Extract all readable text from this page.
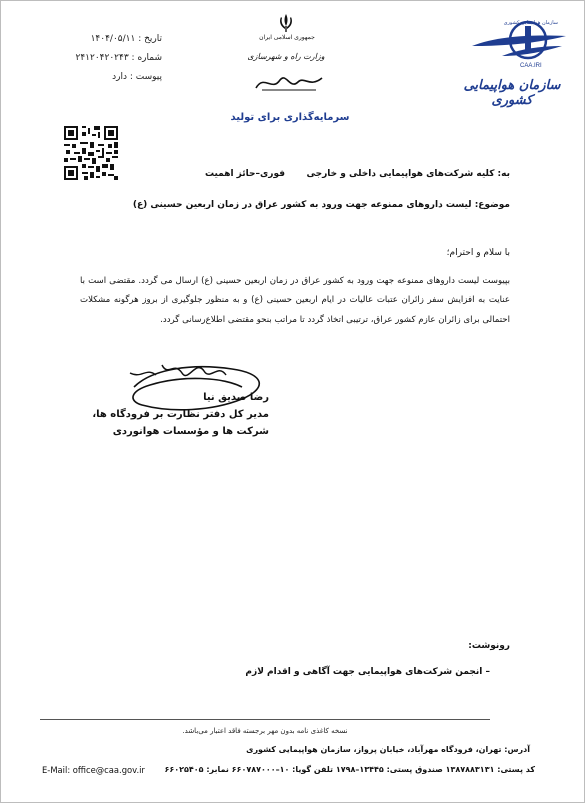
تاریخ : ۱۴۰۴/۰۵/۱۱
شماره : ۲۴۱۲۰۴۲۰۲۴۳
پیوست : دارد
جمهوری اسلامی ایران
وزارت راه و شهرسازی
سرمایه‌گذاری برای تولید
CAA.IRI
سازمان هواپیمایی کشوری
سازمان هواپیمایی کشوری
به: کلیه شرکت‌های هواپیمایی داخلی و خارجی
فوری–حائز اهمیت
موضوع: لیست داروهای ممنوعه جهت ورود به کشور عراق در زمان اربعین حسینی (ع)
با سلام و احترام؛
بپیوست لیست داروهای ممنوعه جهت ورود به کشور عراق در زمان اربعین حسینی (ع) ارسال می گردد. مقتضی است با عنایت به افزایش سفر زائران عتبات عالیات در ایام اربعین حسینی (ع) و به منظور جلوگیری از بروز هرگونه مشکلات احتمالی برای زائران عازم کشور عراق، ترتیبی اتخاذ گردد تا مراتب بنحو مقتضی اطلاع‌رسانی گردد.
رضا صدیق نیا
مدیر کل دفتر نظارت بر فرودگاه ها،
شرکت ها و مؤسسات هوانوردی
رونوشت:
– انجمن شرکت‌های هواپیمایی جهت آگاهی و اقدام لازم
نسخه کاغذی نامه بدون مهر برجسته فاقد اعتبار می‌باشد.
آدرس: تهران، فرودگاه مهرآباد، خیابان پرواز، سازمان هواپیمایی کشوری
کد پستی: ۱۳۸۷۸۸۳۱۳۱ صندوق پستی: ۱۳۴۴۵–۱۷۹۸ تلفن گویا: ۱۰–۶۶۰۷۸۷۰۰۰ نمابر: ۶۶۰۲۵۴۰۵
E-Mail: office@caa.gov.ir
